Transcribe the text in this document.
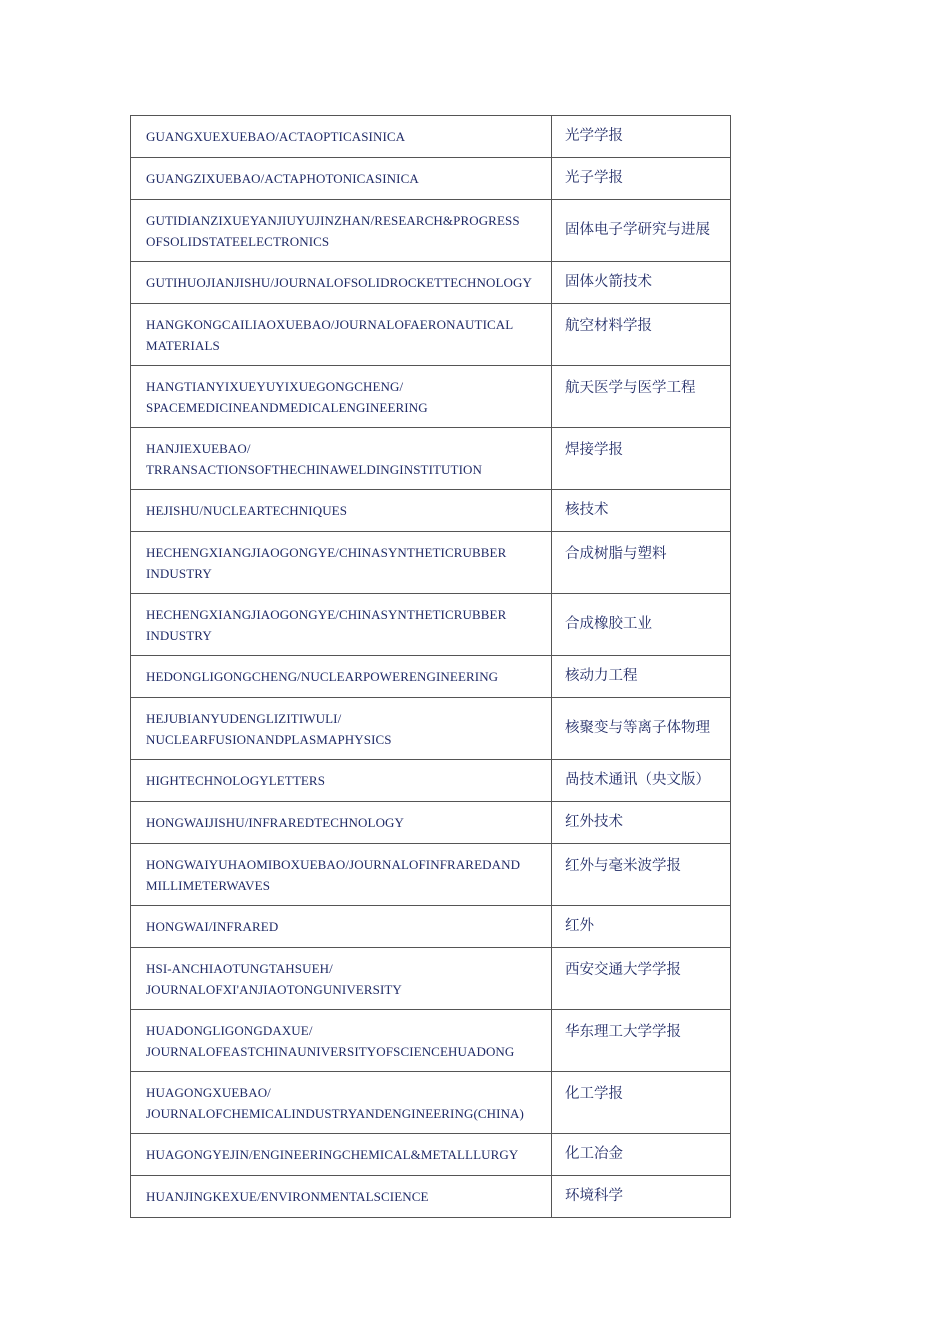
GUANGXUEXUEBAO/ACTAOPTICASINICA	光学学报

GUANGZIXUEBAO/ACTAPHOTONICASINICA	光子学报

GUTIDIANZIXUEYANJIUYUJINZHAN/RESEARCH&PROGRESS
OFSOLIDSTATEELECTRONICS	固体电子学研究与进展

GUTIHUOJIANJISHU/JOURNALOFSOLIDROCKETTECHNOLOGY	固体火箭技术

HANGKONGCAILIAOXUEBAO/JOURNALOFAERONAUTICAL
MATERIALS	航空材料学报

HANGTIANYIXUEYUYIXUEGONGCHENG/
SPACEMEDICINEANDMEDICALENGINEERING	航天医学与医学工程

HANJIEXUEBAO/
TRRANSACTIONSOFTHECHINAWELDINGINSTITUTION	焊接学报

HEJISHU/NUCLEARTECHNIQUES	核技术

HECHENGXIANGJIAOGONGYE/CHINASYNTHETICRUBBER
INDUSTRY	合成树脂与塑料

HECHENGXIANGJIAOGONGYE/CHINASYNTHETICRUBBER
INDUSTRY	合成橡胶工业

HEDONGLIGONGCHENG/NUCLEARPOWERENGINEERING	核动力工程

HEJUBIANYUDENGLIZITIWULI/
NUCLEARFUSIONANDPLASMAPHYSICS	核聚变与等离子体物理

HIGHTECHNOLOGYLETTERS	咼技术通讯（央文版）

HONGWAIJISHU/INFRAREDTECHNOLOGY	红外技术

HONGWAIYUHAOMIBOXUEBAO/JOURNALOFINFRAREDAND
MILLIMETERWAVES	红外与毫米波学报

HONGWAI/INFRARED	红外

HSI-ANCHIAOTUNGTAHSUEH/
JOURNALOFXI'ANJIAOTONGUNIVERSITY	西安交通大学学报

HUADONGLIGONGDAXUE/
JOURNALOFEASTCHINAUNIVERSITYOFSCIENCEHUADONG	华东理工大学学报

HUAGONGXUEBAO/
JOURNALOFCHEMICALINDUSTRYANDENGINEERING(CHINA)	化工学报

HUAGONGYEJIN/ENGINEERINGCHEMICAL&METALLLURGY	化工冶金

HUANJINGKEXUE/ENVIRONMENTALSCIENCE	环境科学
